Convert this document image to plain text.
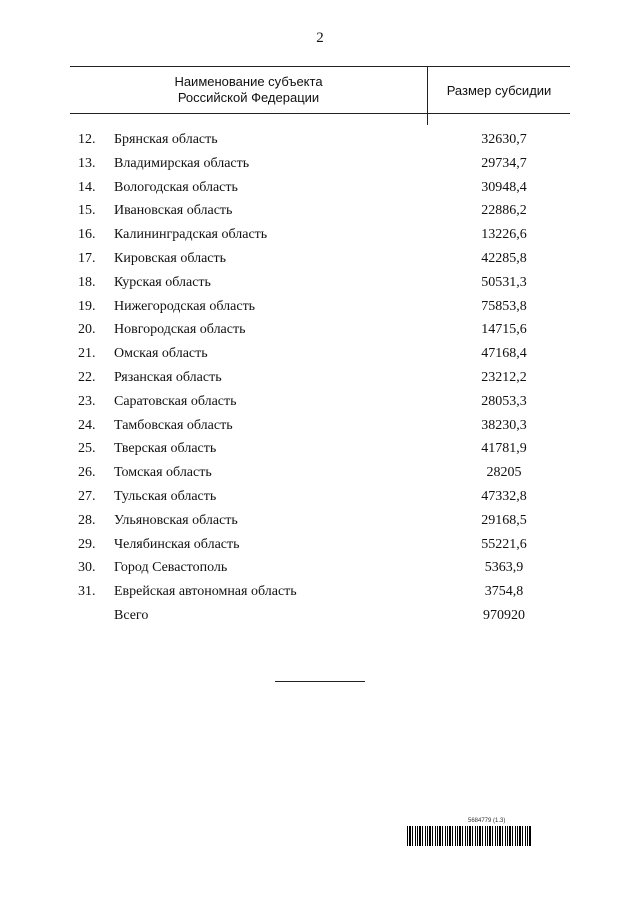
2
Наименование субъекта
Российской Федерации	Размер субсидии
12.	Брянская область	32630,7
13.	Владимирская область	29734,7
14.	Вологодская область	30948,4
15.	Ивановская область	22886,2
16.	Калининградская область	13226,6
17.	Кировская область	42285,8
18.	Курская область	50531,3
19.	Нижегородская область	75853,8
20.	Новгородская область	14715,6
21.	Омская область	47168,4
22.	Рязанская область	23212,2
23.	Саратовская область	28053,3
24.	Тамбовская область	38230,3
25.	Тверская область	41781,9
26.	Томская область	28205
27.	Тульская область	47332,8
28.	Ульяновская область	29168,5
29.	Челябинская область	55221,6
30.	Город Севастополь	5363,9
31.	Еврейская автономная область	3754,8
Всего	970920
5684779 (1.3)
